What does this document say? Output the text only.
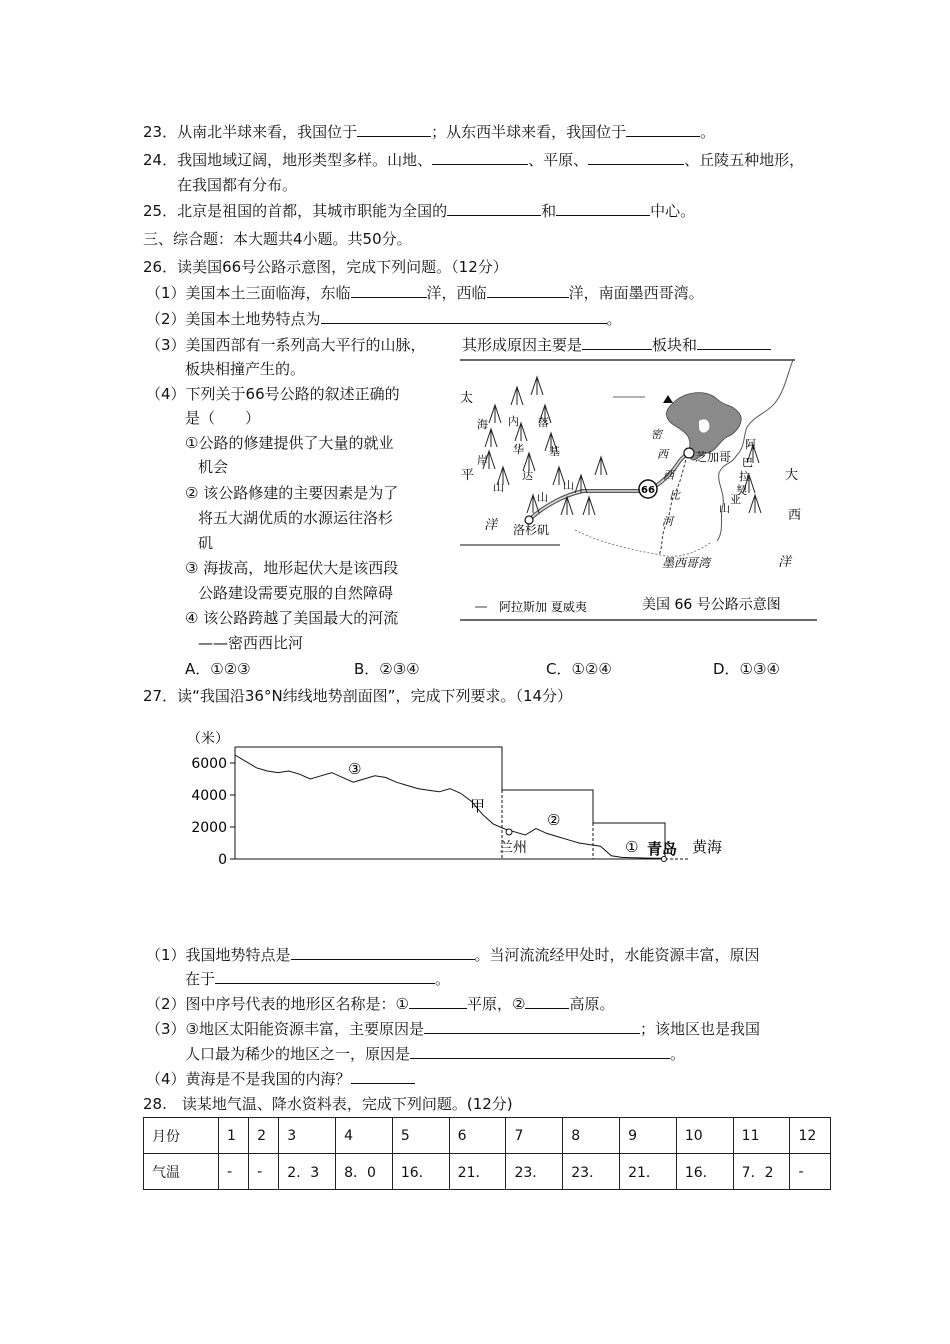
23．从南北半球来看，我国位于	；从东西半球来看，我国位于	。
24．我国地域辽阔，地形类型多样。山地、	、平原、	、丘陵五种地形，
在我国都有分布。
25．北京是祖国的首都，其城市职能为全国的	和	中心。
三、综合题：本大题共4小题。共50分。
26．读美国66号公路示意图，完成下列问题。（12分）
（1）美国本土三面临海，东临	洋，西临	洋，南面墨西哥湾。
（2）美国本土地势特点为	。
（3）美国西部有一系列高大平行的山脉， 其形成原因主要是	板块和
板块相撞产生的。
（4）下列关于66号公路的叙述正确的
是（　　）
①公路的修建提供了大量的就业
机会
② 该公路修建的主要因素是为了
将五大湖优质的水源运往洛杉
矶
③ 海拔高，地形起伏大是该西段
公路建设需要克服的自然障碍
④ 该公路跨越了美国最大的河流
——密西西比河
A．①②③	B．②③④	C．①②④	D．①③④
66
太
平
洋
海
岸
山
内
华
达
山
落
基
山
密
西
西
比
河
阿
巴
拉
契
亚
山
大
西
洋
洛杉矶
芝加哥
墨西哥湾
阿拉斯加 夏威夷	美国 66 号公路示意图
27．读“我国沿36°N纬线地势剖面图”，完成下列要求。（14分）
（米）
6000
4000
2000
0
③
甲
②
兰州	① 青岛 黄海
（1）我国地势特点是	。当河流流经甲处时，水能资源丰富，原因
在于	。
（2）图中序号代表的地形区名称是：①	平原，②	高原。
（3）③地区太阳能资源丰富，主要原因是	；该地区也是我国
人口最为稀少的地区之一，原因是	。
（4）黄海是不是我国的内海？
28.　读某地气温、降水资料表，完成下列问题。(12分)
月份	1	2	3	4	5	6	7	8	9	10	11	12
气温	-	-	2．3	8．0	16．	21．	23．	23．	21．	16．	7．2	-
